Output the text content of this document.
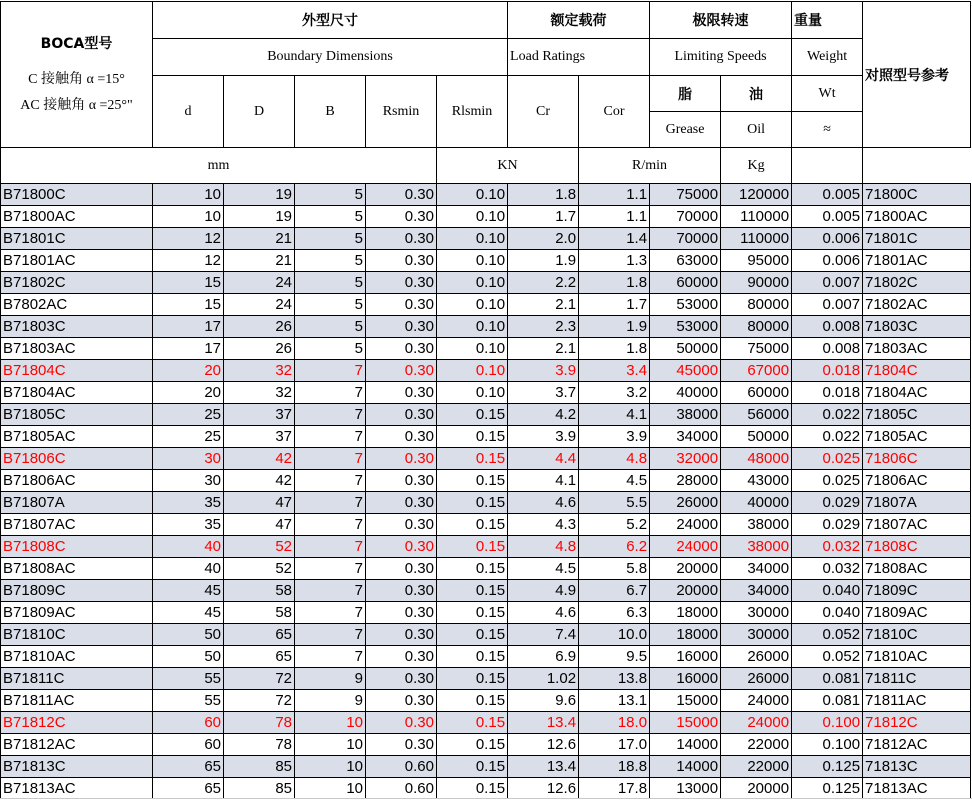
BOCA型号
C 接触角 α =15°
AC 接触角 α =25°"	外型尺寸					额定载荷		极限转速		重量	对照型号参考
	Boundary Dimensions					Load Ratings		Limiting Speeds		Weight	
	d	D	B	Rsmin	Rlsmin	Cr	Cor	脂	油	Wt	
								Grease	Oil	≈	
mm					KN		R/min		Kg		
B71800C	10	19	5	0.30	0.10	1.8	1.1	75000	120000	0.005	71800C
B71800AC	10	19	5	0.30	0.10	1.7	1.1	70000	110000	0.005	71800AC
B71801C	12	21	5	0.30	0.10	2.0	1.4	70000	110000	0.006	71801C
B71801AC	12	21	5	0.30	0.10	1.9	1.3	63000	95000	0.006	71801AC
B71802C	15	24	5	0.30	0.10	2.2	1.8	60000	90000	0.007	71802C
B7802AC	15	24	5	0.30	0.10	2.1	1.7	53000	80000	0.007	71802AC
B71803C	17	26	5	0.30	0.10	2.3	1.9	53000	80000	0.008	71803C
B71803AC	17	26	5	0.30	0.10	2.1	1.8	50000	75000	0.008	71803AC
B71804C	20	32	7	0.30	0.10	3.9	3.4	45000	67000	0.018	71804C
B71804AC	20	32	7	0.30	0.10	3.7	3.2	40000	60000	0.018	71804AC
B71805C	25	37	7	0.30	0.15	4.2	4.1	38000	56000	0.022	71805C
B71805AC	25	37	7	0.30	0.15	3.9	3.9	34000	50000	0.022	71805AC
B71806C	30	42	7	0.30	0.15	4.4	4.8	32000	48000	0.025	71806C
B71806AC	30	42	7	0.30	0.15	4.1	4.5	28000	43000	0.025	71806AC
B71807A	35	47	7	0.30	0.15	4.6	5.5	26000	40000	0.029	71807A
B71807AC	35	47	7	0.30	0.15	4.3	5.2	24000	38000	0.029	71807AC
B71808C	40	52	7	0.30	0.15	4.8	6.2	24000	38000	0.032	71808C
B71808AC	40	52	7	0.30	0.15	4.5	5.8	20000	34000	0.032	71808AC
B71809C	45	58	7	0.30	0.15	4.9	6.7	20000	34000	0.040	71809C
B71809AC	45	58	7	0.30	0.15	4.6	6.3	18000	30000	0.040	71809AC
B71810C	50	65	7	0.30	0.15	7.4	10.0	18000	30000	0.052	71810C
B71810AC	50	65	7	0.30	0.15	6.9	9.5	16000	26000	0.052	71810AC
B71811C	55	72	9	0.30	0.15	1.02	13.8	16000	26000	0.081	71811C
B71811AC	55	72	9	0.30	0.15	9.6	13.1	15000	24000	0.081	71811AC
B71812C	60	78	10	0.30	0.15	13.4	18.0	15000	24000	0.100	71812C
B71812AC	60	78	10	0.30	0.15	12.6	17.0	14000	22000	0.100	71812AC
B71813C	65	85	10	0.60	0.15	13.4	18.8	14000	22000	0.125	71813C
B71813AC	65	85	10	0.60	0.15	12.6	17.8	13000	20000	0.125	71813AC
